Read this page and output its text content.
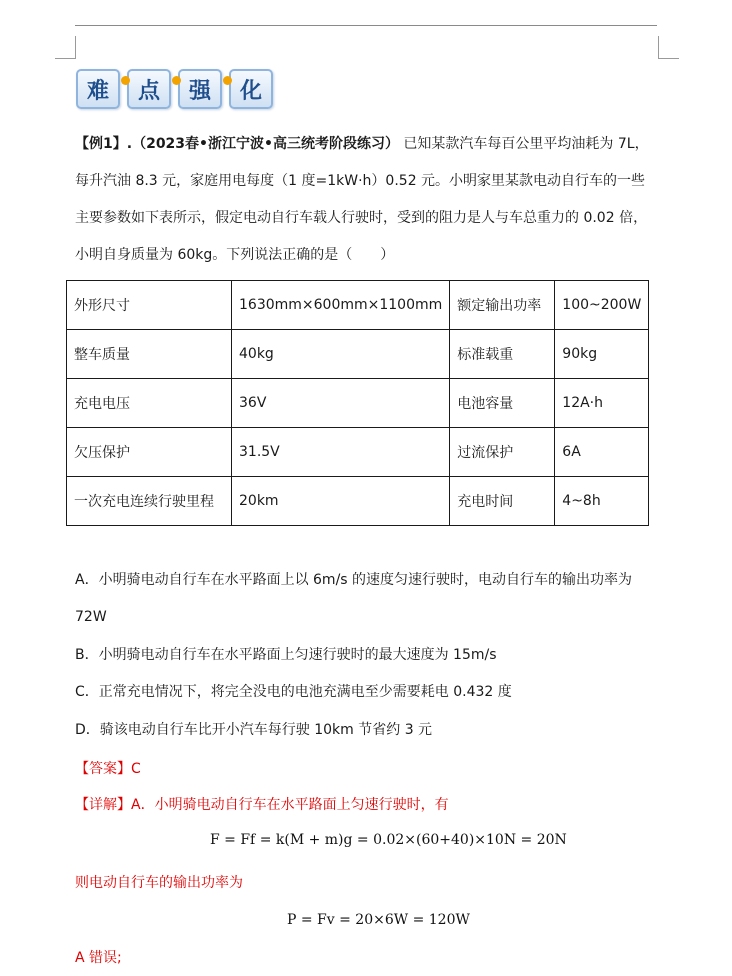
难	点	强	化
【例1】.（2023春•浙江宁波•高三统考阶段练习） 已知某款汽车每百公里平均油耗为 7L，
每升汽油 8.3 元，家庭用电每度（1 度=1kW·h）0.52 元。小明家里某款电动自行车的一些
主要参数如下表所示，假定电动自行车载人行驶时，受到的阻力是人与车总重力的 0.02 倍，
小明自身质量为 60kg。下列说法正确的是（　　）
外形尺寸	1630mm×600mm×1100mm	额定输出功率	100~200W
整车质量	40kg	标准载重	90kg
充电电压	36V	电池容量	12A·h
欠压保护	31.5V	过流保护	6A
一次充电连续行驶里程	20km	充电时间	4~8h
A．小明骑电动自行车在水平路面上以 6m/s 的速度匀速行驶时，电动自行车的输出功率为
72W
B．小明骑电动自行车在水平路面上匀速行驶时的最大速度为 15m/s
C．正常充电情况下，将完全没电的电池充满电至少需要耗电 0.432 度
D．骑该电动自行车比开小汽车每行驶 10km 节省约 3 元
【答案】C
【详解】A．小明骑电动自行车在水平路面上匀速行驶时，有
F = Ff = k(M + m)g = 0.02×(60+40)×10N = 20N
则电动自行车的输出功率为
P = Fv = 20×6W = 120W
A 错误;
